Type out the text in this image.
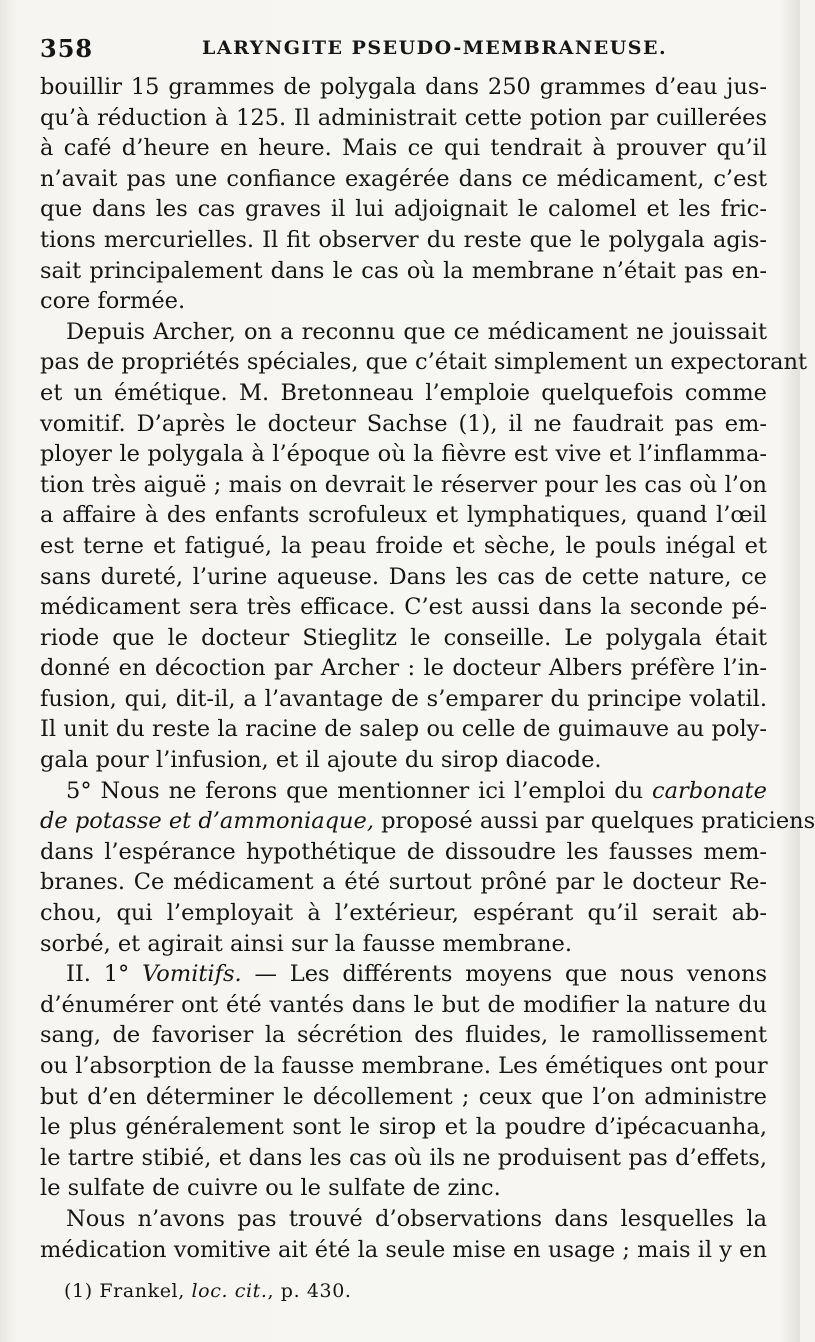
358	LARYNGITE PSEUDO-MEMBRANEUSE.
bouillir 15 grammes de polygala dans 250 grammes d’eau jus-
qu’à réduction à 125. Il administrait cette potion par cuillerées
à café d’heure en heure. Mais ce qui tendrait à prouver qu’il
n’avait pas une confiance exagérée dans ce médicament, c’est
que dans les cas graves il lui adjoignait le calomel et les fric-
tions mercurielles. Il fit observer du reste que le polygala agis-
sait principalement dans le cas où la membrane n’était pas en-
core formée.
Depuis Archer, on a reconnu que ce médicament ne jouissait
pas de propriétés spéciales, que c’était simplement un expectorant
et un émétique. M. Bretonneau l’emploie quelquefois comme
vomitif. D’après le docteur Sachse (1), il ne faudrait pas em-
ployer le polygala à l’époque où la fièvre est vive et l’inflamma-
tion très aiguë ; mais on devrait le réserver pour les cas où l’on
a affaire à des enfants scrofuleux et lymphatiques, quand l’œil
est terne et fatigué, la peau froide et sèche, le pouls inégal et
sans dureté, l’urine aqueuse. Dans les cas de cette nature, ce
médicament sera très efficace. C’est aussi dans la seconde pé-
riode que le docteur Stieglitz le conseille. Le polygala était
donné en décoction par Archer : le docteur Albers préfère l’in-
fusion, qui, dit-il, a l’avantage de s’emparer du principe volatil.
Il unit du reste la racine de salep ou celle de guimauve au poly-
gala pour l’infusion, et il ajoute du sirop diacode.
5° Nous ne ferons que mentionner ici l’emploi du carbonate
de potasse et d’ammoniaque, proposé aussi par quelques praticiens
dans l’espérance hypothétique de dissoudre les fausses mem-
branes. Ce médicament a été surtout prôné par le docteur Re-
chou, qui l’employait à l’extérieur, espérant qu’il serait ab-
sorbé, et agirait ainsi sur la fausse membrane.
II. 1° Vomitifs. — Les différents moyens que nous venons
d’énumérer ont été vantés dans le but de modifier la nature du
sang, de favoriser la sécrétion des fluides, le ramollissement
ou l’absorption de la fausse membrane. Les émétiques ont pour
but d’en déterminer le décollement ; ceux que l’on administre
le plus généralement sont le sirop et la poudre d’ipécacuanha,
le tartre stibié, et dans les cas où ils ne produisent pas d’effets,
le sulfate de cuivre ou le sulfate de zinc.
Nous n’avons pas trouvé d’observations dans lesquelles la
médication vomitive ait été la seule mise en usage ; mais il y en
(1) Frankel, loc. cit., p. 430.
